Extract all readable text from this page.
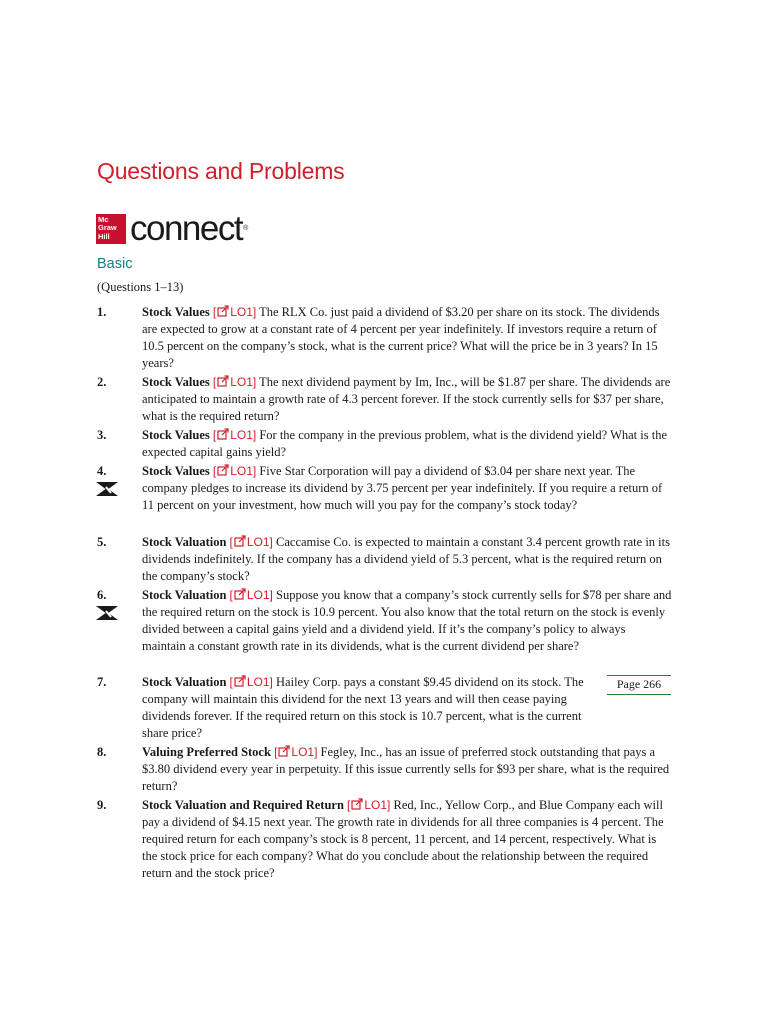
Questions and Problems
Mc
Graw
Hill connect®
Basic
(Questions 1–13)
1.	Stock Values [ LO1] The RLX Co. just paid a dividend of $3.20 per share on its stock. The dividends are expected to grow at a constant rate of 4 percent per year indefinitely. If investors require a return of 10.5 percent on the company’s stock, what is the current price? What will the price be in 3 years? In 15 years?
2.	Stock Values [ LO1] The next dividend payment by Im, Inc., will be $1.87 per share. The dividends are anticipated to maintain a growth rate of 4.3 percent forever. If the stock currently sells for $37 per share, what is the required return?
3.	Stock Values [ LO1] For the company in the previous problem, what is the dividend yield? What is the expected capital gains yield?
4.	Stock Values [ LO1] Five Star Corporation will pay a dividend of $3.04 per share next year. The company pledges to increase its dividend by 3.75 percent per year indefinitely. If you require a return of 11 percent on your investment, how much will you pay for the company’s stock today?
5.	Stock Valuation [ LO1] Caccamise Co. is expected to maintain a constant 3.4 percent growth rate in its dividends indefinitely. If the company has a dividend yield of 5.3 percent, what is the required return on the company’s stock?
6.	Stock Valuation [ LO1] Suppose you know that a company’s stock currently sells for $78 per share and the required return on the stock is 10.9 percent. You also know that the total return on the stock is evenly divided between a capital gains yield and a dividend yield. If it’s the company’s policy to always maintain a constant growth rate in its dividends, what is the current dividend per share?
7.	Stock Valuation [ LO1] Hailey Corp. pays a constant $9.45 dividend on its stock. The company will maintain this dividend for the next 13 years and will then cease paying dividends forever. If the required return on this stock is 10.7 percent, what is the current share price?
8.	Valuing Preferred Stock [ LO1] Fegley, Inc., has an issue of preferred stock outstanding that pays a $3.80 dividend every year in perpetuity. If this issue currently sells for $93 per share, what is the required return?
9.	Stock Valuation and Required Return [ LO1] Red, Inc., Yellow Corp., and Blue Company each will pay a dividend of $4.15 next year. The growth rate in dividends for all three companies is 4 percent. The required return for each company’s stock is 8 percent, 11 percent, and 14 percent, respectively. What is the stock price for each company? What do you conclude about the relationship between the required return and the stock price?
Page 266
